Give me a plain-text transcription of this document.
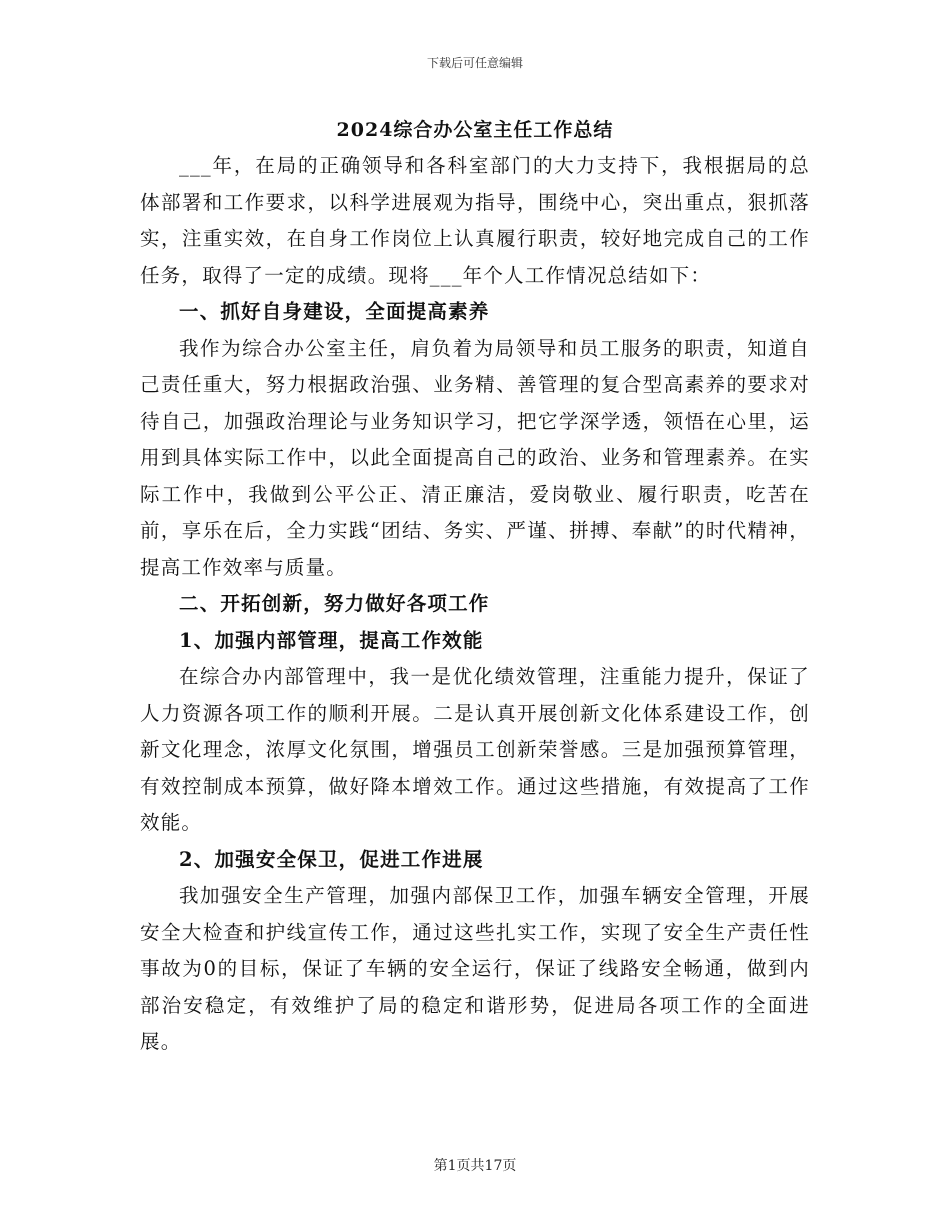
下载后可任意编辑
2024综合办公室主任工作总结

___年，在局的正确领导和各科室部门的大力支持下，我根据局的总体部署和工作要求，以科学进展观为指导，围绕中心，突出重点，狠抓落实，注重实效，在自身工作岗位上认真履行职责，较好地完成自己的工作任务，取得了一定的成绩。现将___年个人工作情况总结如下：

一、抓好自身建设，全面提高素养

我作为综合办公室主任，肩负着为局领导和员工服务的职责，知道自己责任重大，努力根据政治强、业务精、善管理的复合型高素养的要求对待自己，加强政治理论与业务知识学习，把它学深学透，领悟在心里，运用到具体实际工作中，以此全面提高自己的政治、业务和管理素养。在实际工作中，我做到公平公正、清正廉洁，爱岗敬业、履行职责，吃苦在前，享乐在后，全力实践“团结、务实、严谨、拼搏、奉献”的时代精神，提高工作效率与质量。

二、开拓创新，努力做好各项工作

1、加强内部管理，提高工作效能

在综合办内部管理中，我一是优化绩效管理，注重能力提升，保证了人力资源各项工作的顺利开展。二是认真开展创新文化体系建设工作，创新文化理念，浓厚文化氛围，增强员工创新荣誉感。三是加强预算管理，有效控制成本预算，做好降本增效工作。通过这些措施，有效提高了工作效能。

2、加强安全保卫，促进工作进展

我加强安全生产管理，加强内部保卫工作，加强车辆安全管理，开展安全大检查和护线宣传工作，通过这些扎实工作，实现了安全生产责任性事故为0的目标，保证了车辆的安全运行，保证了线路安全畅通，做到内部治安稳定，有效维护了局的稳定和谐形势，促进局各项工作的全面进展。

第1页共17页
